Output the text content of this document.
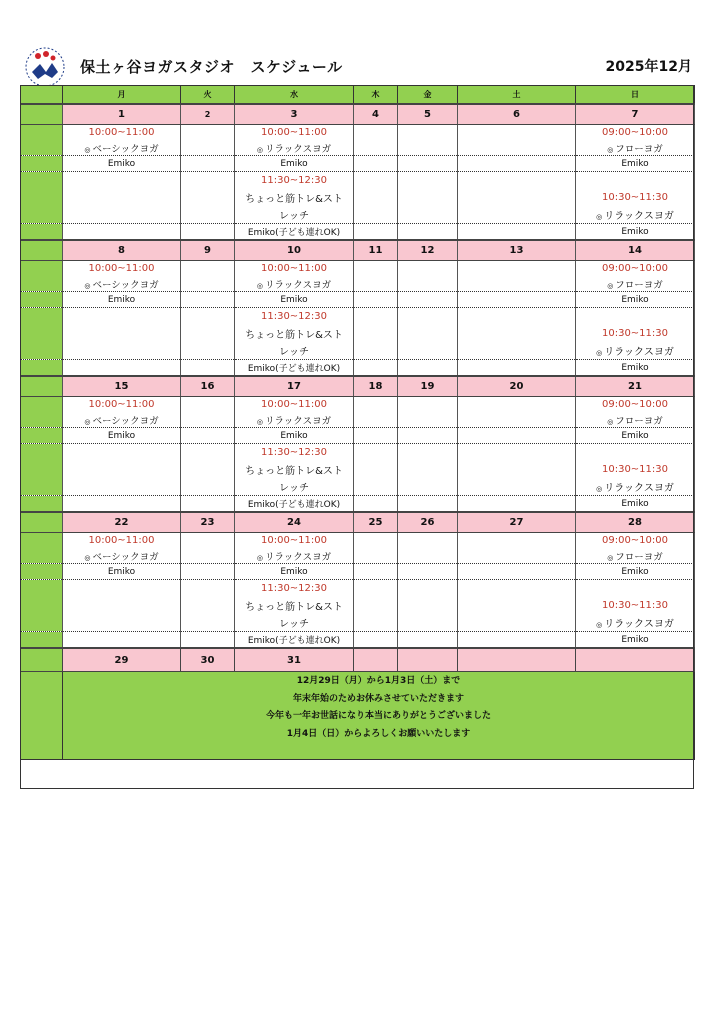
保土ヶ谷ヨガスタジオ　スケジュール	2025年12月
	月	火	水	木	金	土	日
	1	2	3	4	5	6	7
	10:00~11:00		10:00~11:00				09:00~10:00
	◎ ベーシックヨガ		◎ リラックスヨガ				◎ フローヨガ
	Emiko		Emiko				Emiko
			11:30~12:30				
			ちょっと筋トレ&スト				10:30~11:30
			レッチ				◎ リラックスヨガ
			Emiko(子ども連れOK)				Emiko
	8	9	10	11	12	13	14
	10:00~11:00		10:00~11:00				09:00~10:00
	◎ ベーシックヨガ		◎ リラックスヨガ				◎ フローヨガ
	Emiko		Emiko				Emiko
			11:30~12:30				
			ちょっと筋トレ&スト				10:30~11:30
			レッチ				◎ リラックスヨガ
			Emiko(子ども連れOK)				Emiko
	15	16	17	18	19	20	21
	10:00~11:00		10:00~11:00				09:00~10:00
	◎ ベーシックヨガ		◎ リラックスヨガ				◎ フローヨガ
	Emiko		Emiko				Emiko
			11:30~12:30				
			ちょっと筋トレ&スト				10:30~11:30
			レッチ				◎ リラックスヨガ
			Emiko(子ども連れOK)				Emiko
	22	23	24	25	26	27	28
	10:00~11:00		10:00~11:00				09:00~10:00
	◎ ベーシックヨガ		◎ リラックスヨガ				◎ フローヨガ
	Emiko		Emiko				Emiko
			11:30~12:30				
			ちょっと筋トレ&スト				10:30~11:30
			レッチ				◎ リラックスヨガ
			Emiko(子ども連れOK)				Emiko
	29	30	31				

	12月29日（月）から1月3日（土）まで
年末年始のためお休みさせていただきます
今年も一年お世話になり本当にありがとうございました
1月4日（日）からよろしくお願いいたします						
